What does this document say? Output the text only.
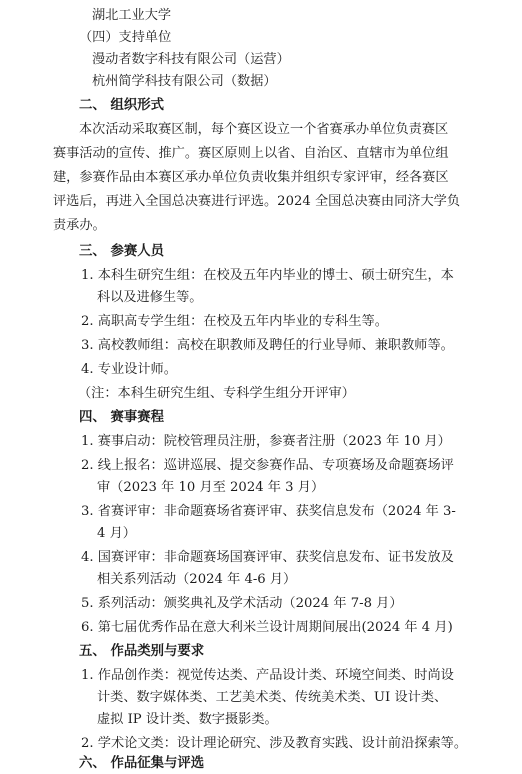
湖北工业大学
（四）支持单位
漫动者数字科技有限公司（运营）
杭州简学科技有限公司（数据）
二、 组织形式
本次活动采取赛区制，每个赛区设立一个省赛承办单位负责赛区
赛事活动的宣传、推广。赛区原则上以省、自治区、直辖市为单位组
建，参赛作品由本赛区承办单位负责收集并组织专家评审，经各赛区
评选后，再进入全国总决赛进行评选。2024 全国总决赛由同济大学负
责承办。
三、 参赛人员
1. 本科生研究生组：在校及五年内毕业的博士、硕士研究生，本
科以及进修生等。
2. 高职高专学生组：在校及五年内毕业的专科生等。
3. 高校教师组：高校在职教师及聘任的行业导师、兼职教师等。
4. 专业设计师。
（注：本科生研究生组、专科学生组分开评审）
四、 赛事赛程
1. 赛事启动：院校管理员注册，参赛者注册（2023 年 10 月）
2. 线上报名：巡讲巡展、提交参赛作品、专项赛场及命题赛场评
审（2023 年 10 月至 2024 年 3 月）
3. 省赛评审：非命题赛场省赛评审、获奖信息发布（2024 年 3-
4 月）
4. 国赛评审：非命题赛场国赛评审、获奖信息发布、证书发放及
相关系列活动（2024 年 4-6 月）
5. 系列活动：颁奖典礼及学术活动（2024 年 7-8 月）
6. 第七届优秀作品在意大利米兰设计周期间展出(2024 年 4 月)
五、 作品类别与要求
1. 作品创作类：视觉传达类、产品设计类、环境空间类、时尚设
计类、数字媒体类、工艺美术类、传统美术类、UI 设计类、
虚拟 IP 设计类、数字摄影类。
2. 学术论文类：设计理论研究、涉及教育实践、设计前沿探索等。
六、 作品征集与评选
